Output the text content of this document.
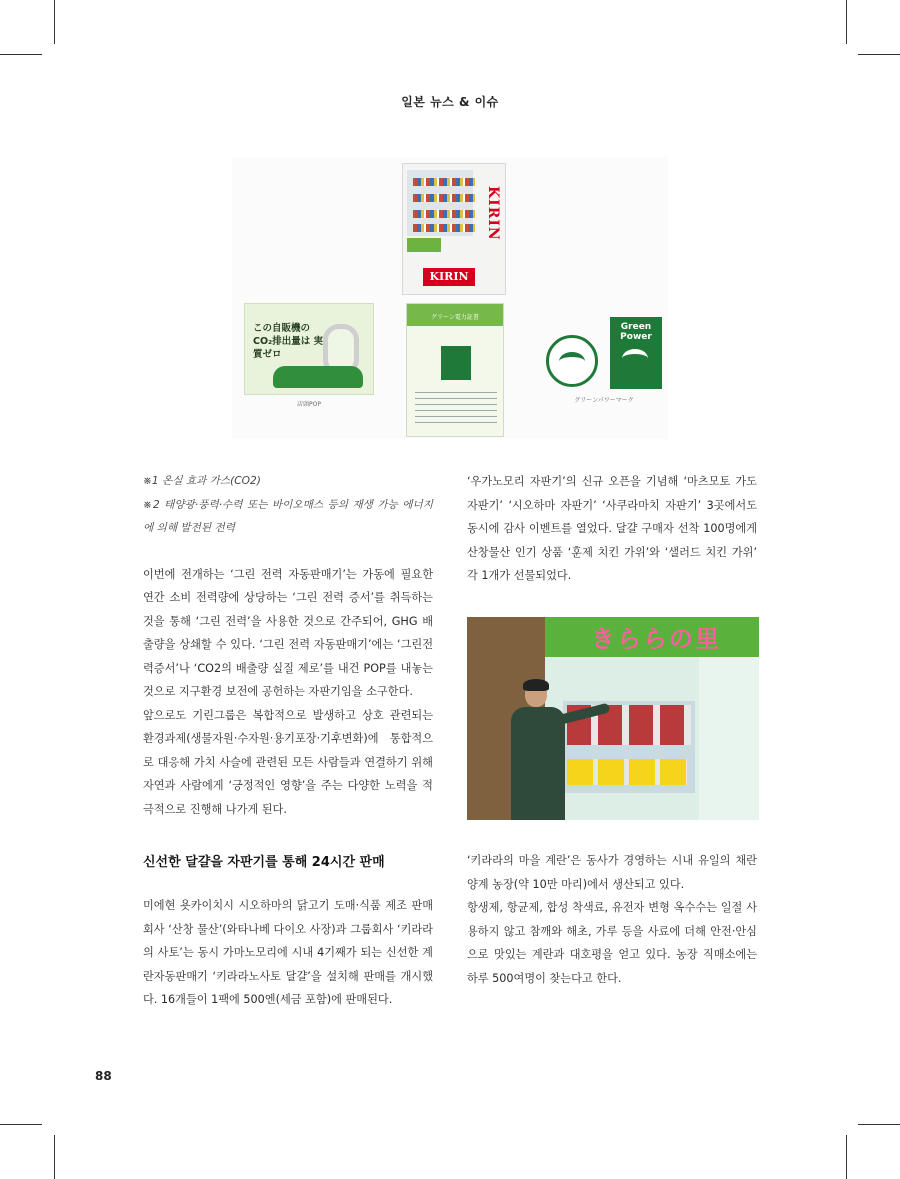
일본 뉴스 & 이슈
KIRIN
KIRIN
この自販機の CO₂排出量は 実質ゼロ
店頭POP
グリーン電力証書
Green Power
グリーンパワーマーク

※1 온실 효과 가스(CO2)

※2 태양광·풍력·수력 또는 바이오매스 등의 재생 가능 에너지에 의해 발전된 전력

이번에 전개하는 ‘그린 전력 자동판매기’는 가동에 필요한 연간 소비 전력량에 상당하는 ‘그린 전력 증서’를 취득하는 것을 통해 ‘그린 전력’을 사용한 것으로 간주되어, GHG 배출량을 상쇄할 수 있다. ‘그린 전력 자동판매기’에는 ‘그린전력증서’나 ‘CO2의 배출량 실질 제로’를 내건 POP를 내놓는 것으로 지구환경 보전에 공헌하는 자판기임을 소구한다.

앞으로도 기린그룹은 복합적으로 발생하고 상호 관련되는 환경과제(생물자원·수자원·용기포장·기후변화)에 통합적으로 대응해 가치 사슬에 관련된 모든 사람들과 연결하기 위해 자연과 사람에게 ‘긍정적인 영향’을 주는 다양한 노력을 적극적으로 진행해 나가게 된다.

신선한 달걀을 자판기를 통해 24시간 판매

미에현 욧카이치시 시오하마의 닭고기 도매·식품 제조 판매 회사 ‘산창 물산’(와타나베 다이오 사장)과 그룹회사 ‘키라라의 사토’는 동시 가마노모리에 시내 4기째가 되는 신선한 계란자동판매기 ‘키라라노사토 달걀’을 설치해 판매를 개시했다. 16개들이 1팩에 500엔(세금 포함)에 판매된다.

‘우가노모리 자판기’의 신규 오픈을 기념해 ‘마츠모토 가도 자판기’ ‘시오하마 자판기’ ‘사쿠라마치 자판기’ 3곳에서도 동시에 감사 이벤트를 열었다. 달걀 구매자 선착 100명에게 산창물산 인기 상품 ‘훈제 치킨 가위’와 ‘샐러드 치킨 가위’ 각 1개가 선물되었다.

きららの里

‘키라라의 마을 계란’은 동사가 경영하는 시내 유일의 채란 양계 농장(약 10만 마리)에서 생산되고 있다.

항생제, 항균제, 합성 착색료, 유전자 변형 옥수수는 일절 사용하지 않고 참깨와 해초, 가루 등을 사료에 더해 안전·안심으로 맛있는 계란과 대호평을 얻고 있다. 농장 직매소에는 하루 500여명이 찾는다고 한다.

88
